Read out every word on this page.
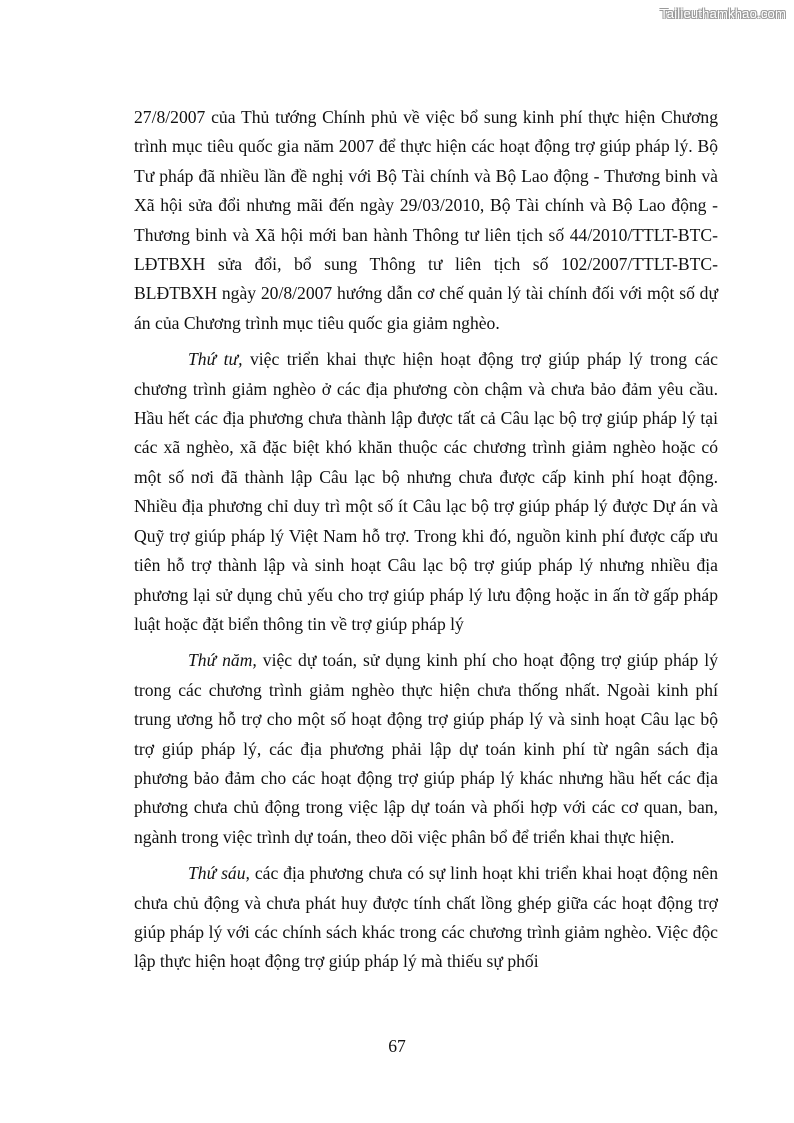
Tailieuthamkhao.com

27/8/2007 của Thủ tướng Chính phủ về việc bổ sung kinh phí thực hiện Chương trình mục tiêu quốc gia năm 2007 để thực hiện các hoạt động trợ giúp pháp lý. Bộ Tư pháp đã nhiều lần đề nghị với Bộ Tài chính và Bộ Lao động - Thương binh và Xã hội sửa đổi nhưng mãi đến ngày 29/03/2010, Bộ Tài chính và Bộ Lao động - Thương binh và Xã hội mới ban hành Thông tư liên tịch số 44/2010/TTLT-BTC-LĐTBXH sửa đổi, bổ sung Thông tư liên tịch số 102/2007/TTLT-BTC-BLĐTBXH ngày 20/8/2007 hướng dẫn cơ chế quản lý tài chính đối với một số dự án của Chương trình mục tiêu quốc gia giảm nghèo.

Thứ tư, việc triển khai thực hiện hoạt động trợ giúp pháp lý trong các chương trình giảm nghèo ở các địa phương còn chậm và chưa bảo đảm yêu cầu. Hầu hết các địa phương chưa thành lập được tất cả Câu lạc bộ trợ giúp pháp lý tại các xã nghèo, xã đặc biệt khó khăn thuộc các chương trình giảm nghèo hoặc có một số nơi đã thành lập Câu lạc bộ nhưng chưa được cấp kinh phí hoạt động. Nhiều địa phương chỉ duy trì một số ít Câu lạc bộ trợ giúp pháp lý được Dự án và Quỹ trợ giúp pháp lý Việt Nam hỗ trợ. Trong khi đó, nguồn kinh phí được cấp ưu tiên hỗ trợ thành lập và sinh hoạt Câu lạc bộ trợ giúp pháp lý nhưng nhiều địa phương lại sử dụng chủ yếu cho trợ giúp pháp lý lưu động hoặc in ấn tờ gấp pháp luật hoặc đặt biển thông tin về trợ giúp pháp lý

Thứ năm, việc dự toán, sử dụng kinh phí cho hoạt động trợ giúp pháp lý trong các chương trình giảm nghèo thực hiện chưa thống nhất. Ngoài kinh phí trung ương hỗ trợ cho một số hoạt động trợ giúp pháp lý và sinh hoạt Câu lạc bộ trợ giúp pháp lý, các địa phương phải lập dự toán kinh phí từ ngân sách địa phương bảo đảm cho các hoạt động trợ giúp pháp lý khác nhưng hầu hết các địa phương chưa chủ động trong việc lập dự toán và phối hợp với các cơ quan, ban, ngành trong việc trình dự toán, theo dõi việc phân bổ để triển khai thực hiện.

Thứ sáu, các địa phương chưa có sự linh hoạt khi triển khai hoạt động nên chưa chủ động và chưa phát huy được tính chất lồng ghép giữa các hoạt động trợ giúp pháp lý với các chính sách khác trong các chương trình giảm nghèo. Việc độc lập thực hiện hoạt động trợ giúp pháp lý mà thiếu sự phối

67
